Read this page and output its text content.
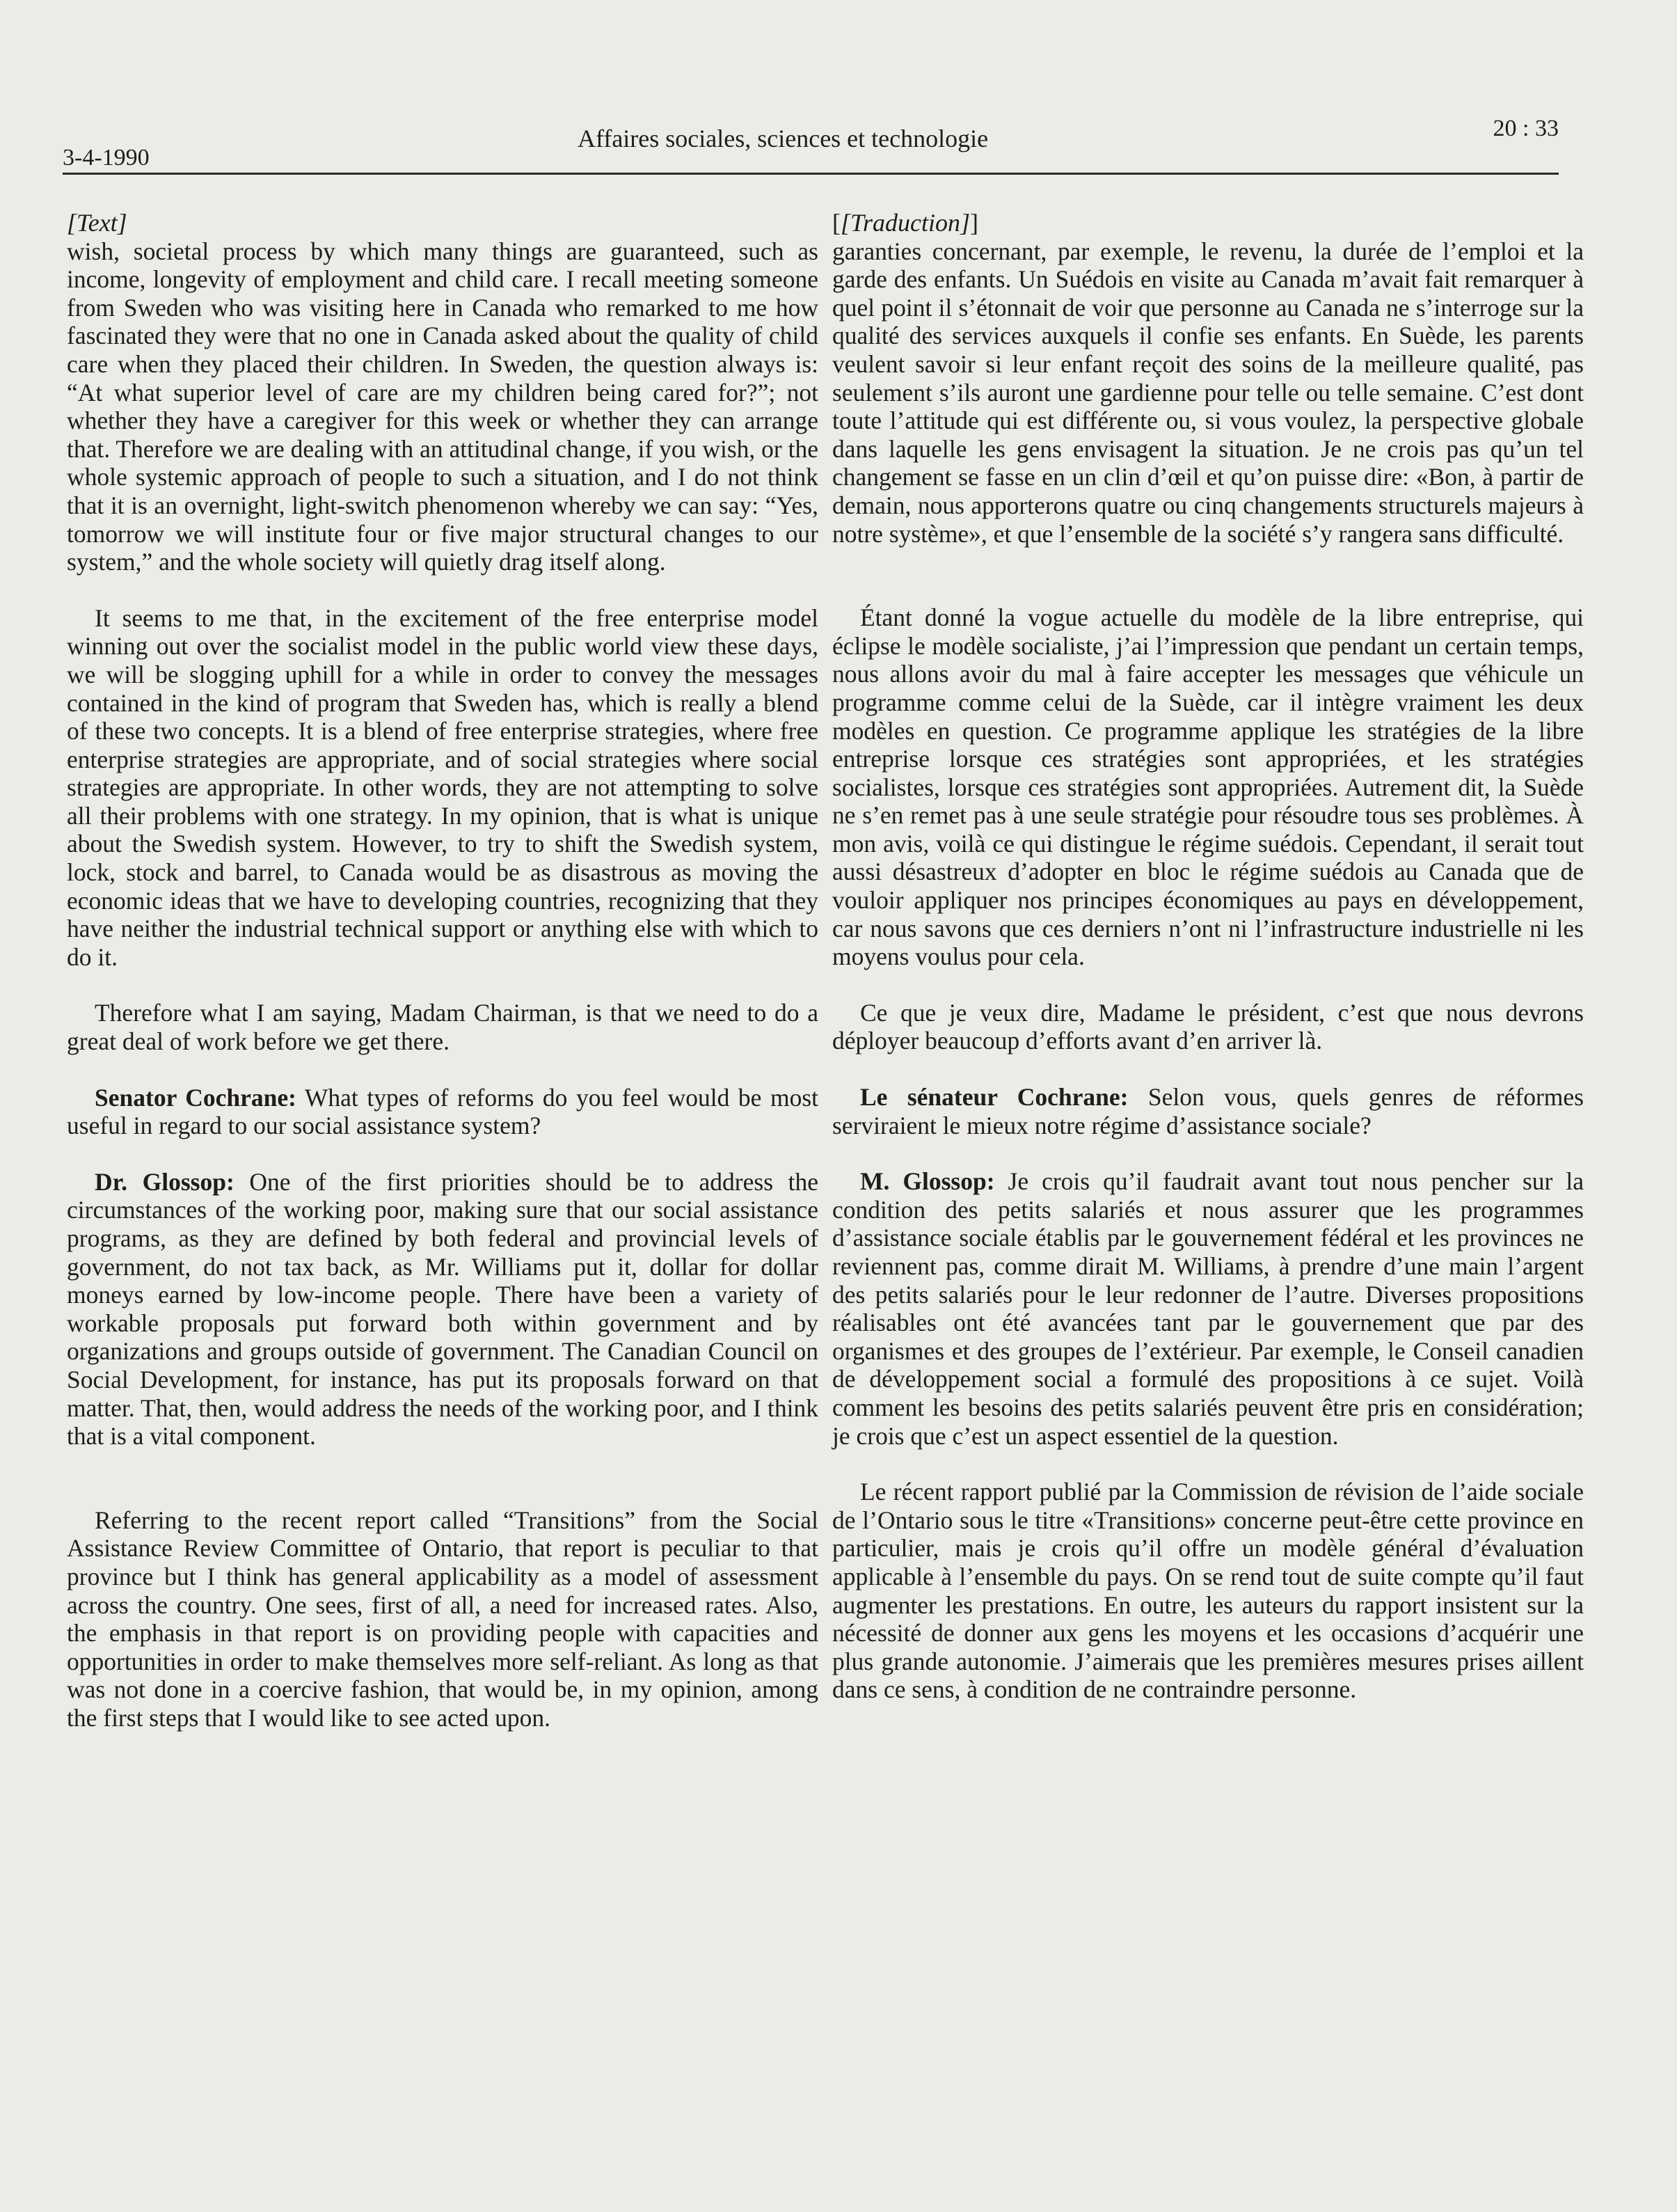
3-4-1990
Affaires sociales, sciences et technologie	20 : 33

[Text]

wish, societal process by which many things are guaranteed, such as income, longevity of employment and child care. I recall meeting someone from Sweden who was visiting here in Canada who remarked to me how fascinated they were that no one in Canada asked about the quality of child care when they placed their children. In Sweden, the question always is: “At what superior level of care are my children being cared for?”; not whether they have a caregiver for this week or whether they can arrange that. Therefore we are dealing with an attitudinal change, if you wish, or the whole systemic approach of people to such a situation, and I do not think that it is an overnight, light-switch phenomenon whereby we can say: “Yes, tomorrow we will institute four or five major structural changes to our system,” and the whole society will quietly drag itself along.

It seems to me that, in the excitement of the free enterprise model winning out over the socialist model in the public world view these days, we will be slogging uphill for a while in order to convey the messages contained in the kind of program that Sweden has, which is really a blend of these two concepts. It is a blend of free enterprise strategies, where free enterprise strategies are appropriate, and of social strategies where social strategies are appropriate. In other words, they are not attempting to solve all their problems with one strategy. In my opinion, that is what is unique about the Swedish system. However, to try to shift the Swedish system, lock, stock and barrel, to Canada would be as disastrous as moving the economic ideas that we have to developing countries, recognizing that they have neither the industrial technical support or anything else with which to do it.

Therefore what I am saying, Madam Chairman, is that we need to do a great deal of work before we get there.

Senator Cochrane: What types of reforms do you feel would be most useful in regard to our social assistance system?

Dr. Glossop: One of the first priorities should be to address the circumstances of the working poor, making sure that our social assistance programs, as they are defined by both federal and provincial levels of government, do not tax back, as Mr. Williams put it, dollar for dollar moneys earned by low-income people. There have been a variety of workable proposals put forward both within government and by organizations and groups outside of government. The Canadian Council on Social Development, for instance, has put its proposals forward on that matter. That, then, would address the needs of the working poor, and I think that is a vital component.

Referring to the recent report called “Transitions” from the Social Assistance Review Committee of Ontario, that report is peculiar to that province but I think has general applicability as a model of assessment across the country. One sees, first of all, a need for increased rates. Also, the emphasis in that report is on providing people with capacities and opportunities in order to make themselves more self-reliant. As long as that was not done in a coercive fashion, that would be, in my opinion, among the first steps that I would like to see acted upon.

[[Traduction]]

garanties concernant, par exemple, le revenu, la durée de l’emploi et la garde des enfants. Un Suédois en visite au Canada m’avait fait remarquer à quel point il s’étonnait de voir que personne au Canada ne s’interroge sur la qualité des services auxquels il confie ses enfants. En Suède, les parents veulent savoir si leur enfant reçoit des soins de la meilleure qualité, pas seulement s’ils auront une gardienne pour telle ou telle semaine. C’est dont toute l’attitude qui est différente ou, si vous voulez, la perspective globale dans laquelle les gens envisagent la situation. Je ne crois pas qu’un tel changement se fasse en un clin d’œil et qu’on puisse dire: «Bon, à partir de demain, nous apporterons quatre ou cinq changements structurels majeurs à notre système», et que l’ensemble de la société s’y rangera sans difficulté.

Étant donné la vogue actuelle du modèle de la libre entreprise, qui éclipse le modèle socialiste, j’ai l’impression que pendant un certain temps, nous allons avoir du mal à faire accepter les messages que véhicule un programme comme celui de la Suède, car il intègre vraiment les deux modèles en question. Ce programme applique les stratégies de la libre entreprise lorsque ces stratégies sont appropriées, et les stratégies socialistes, lorsque ces stratégies sont appropriées. Autrement dit, la Suède ne s’en remet pas à une seule stratégie pour résoudre tous ses problèmes. À mon avis, voilà ce qui distingue le régime suédois. Cependant, il serait tout aussi désastreux d’adopter en bloc le régime suédois au Canada que de vouloir appliquer nos principes économiques au pays en développement, car nous savons que ces derniers n’ont ni l’infrastructure industrielle ni les moyens voulus pour cela.

Ce que je veux dire, Madame le président, c’est que nous devrons déployer beaucoup d’efforts avant d’en arriver là.

Le sénateur Cochrane: Selon vous, quels genres de réformes serviraient le mieux notre régime d’assistance sociale?

M. Glossop: Je crois qu’il faudrait avant tout nous pencher sur la condition des petits salariés et nous assurer que les programmes d’assistance sociale établis par le gouvernement fédéral et les provinces ne reviennent pas, comme dirait M. Williams, à prendre d’une main l’argent des petits salariés pour le leur redonner de l’autre. Diverses propositions réalisables ont été avancées tant par le gouvernement que par des organismes et des groupes de l’extérieur. Par exemple, le Conseil canadien de développement social a formulé des propositions à ce sujet. Voilà comment les besoins des petits salariés peuvent être pris en considération; je crois que c’est un aspect essentiel de la question.

Le récent rapport publié par la Commission de révision de l’aide sociale de l’Ontario sous le titre «Transitions» concerne peut-être cette province en particulier, mais je crois qu’il offre un modèle général d’évaluation applicable à l’ensemble du pays. On se rend tout de suite compte qu’il faut augmenter les prestations. En outre, les auteurs du rapport insistent sur la nécessité de donner aux gens les moyens et les occasions d’acquérir une plus grande autonomie. J’aimerais que les premières mesures prises aillent dans ce sens, à condition de ne contraindre personne.
